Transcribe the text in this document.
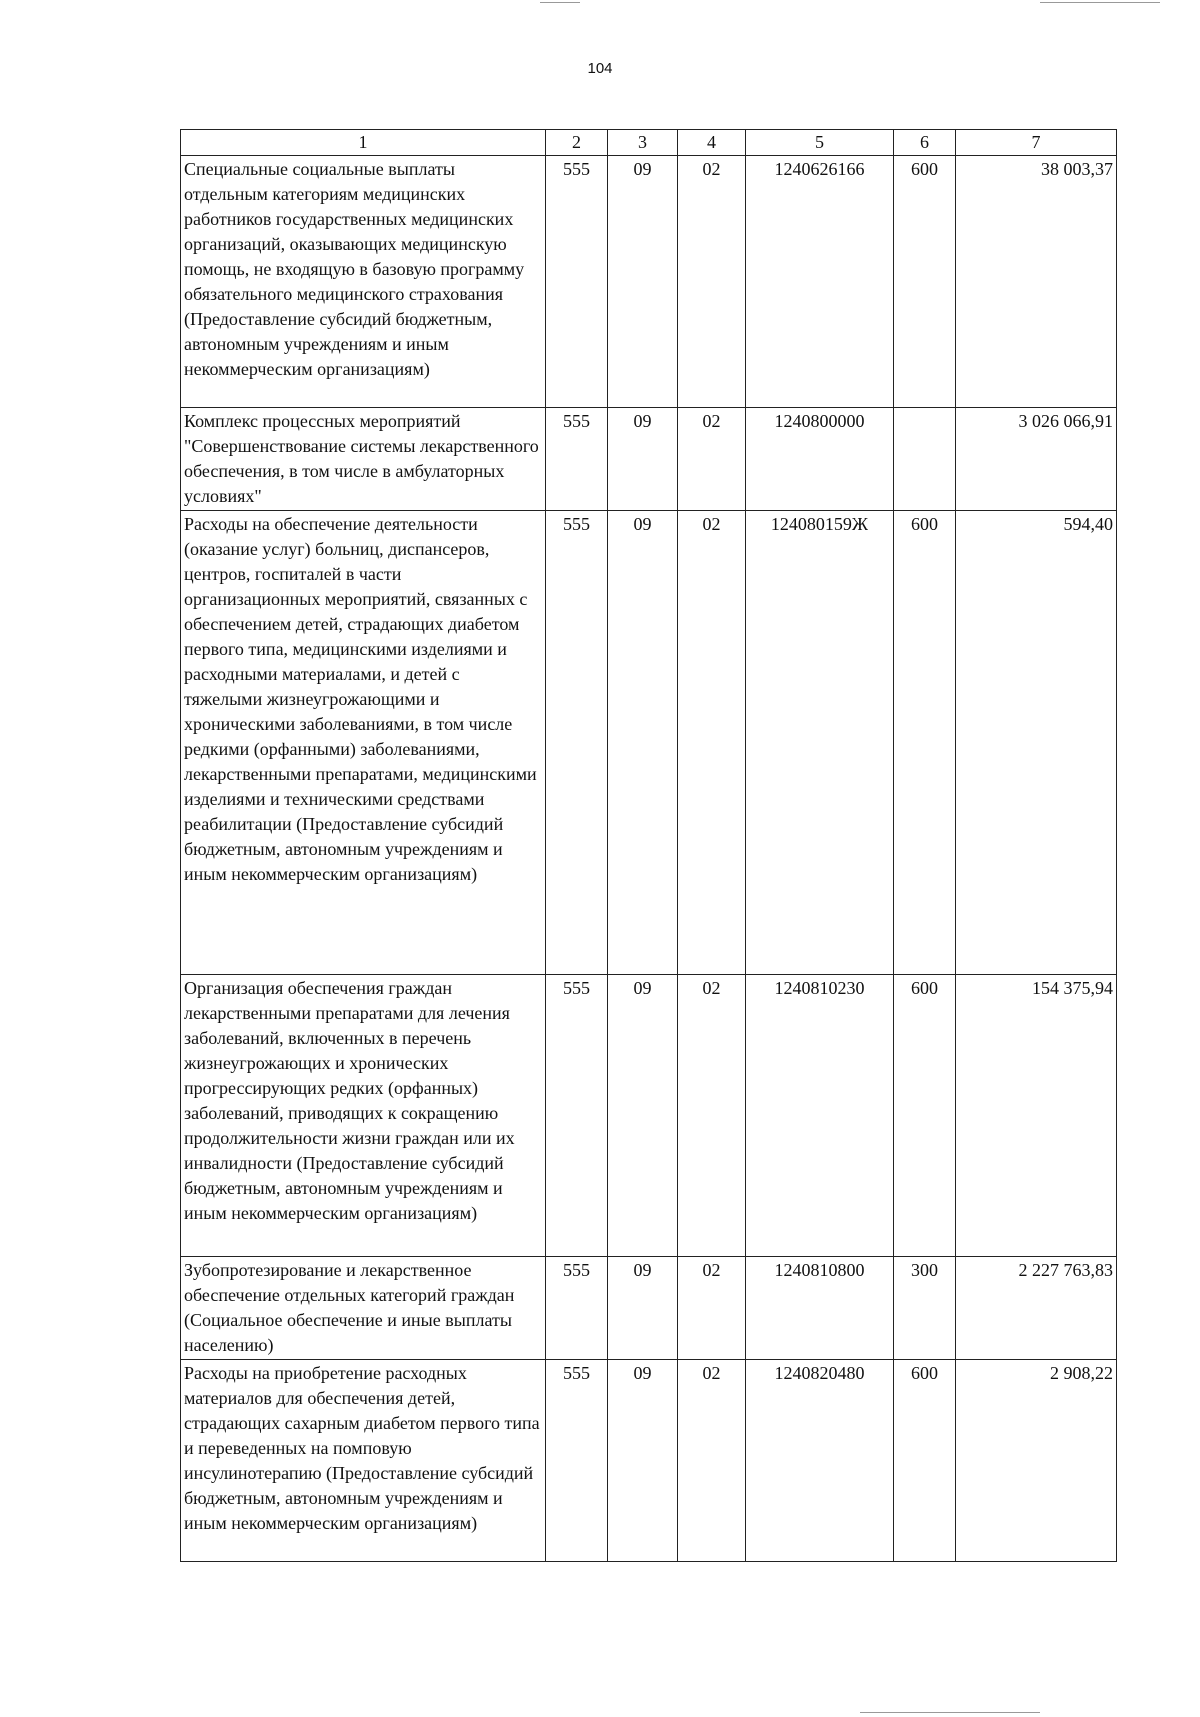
104
1	2	3	4	5	6	7
Специальные социальные выплаты отдельным категориям медицинских работников государственных медицинских организаций, оказывающих медицинскую помощь, не входящую в базовую программу обязательного медицинского страхования (Предоставление субсидий бюджетным, автономным учреждениям и иным некоммерческим организациям)	555	09	02	1240626166	600	38 003,37
Комплекс процессных мероприятий "Совершенствование системы лекарственного обеспечения, в том числе в амбулаторных условиях"	555	09	02	1240800000		3 026 066,91
Расходы на обеспечение деятельности (оказание услуг) больниц, диспансеров, центров, госпиталей в части организационных мероприятий, связанных с обеспечением детей, страдающих диабетом первого типа, медицинскими изделиями и расходными материалами, и детей с тяжелыми жизнеугрожающими и хроническими заболеваниями, в том числе редкими (орфанными) заболеваниями, лекарственными препаратами, медицинскими изделиями и техническими средствами реабилитации (Предоставление субсидий бюджетным, автономным учреждениям и иным некоммерческим организациям)	555	09	02	124080159Ж	600	594,40
Организация обеспечения граждан лекарственными препаратами для лечения заболеваний, включенных в перечень жизнеугрожающих и хронических прогрессирующих редких (орфанных) заболеваний, приводящих к сокращению продолжительности жизни граждан или их инвалидности (Предоставление субсидий бюджетным, автономным учреждениям и иным некоммерческим организациям)	555	09	02	1240810230	600	154 375,94
Зубопротезирование и лекарственное обеспечение отдельных категорий граждан (Социальное обеспечение и иные выплаты населению)	555	09	02	1240810800	300	2 227 763,83
Расходы на приобретение расходных материалов для обеспечения детей, страдающих сахарным диабетом первого типа и переведенных на помповую инсулинотерапию (Предоставление субсидий бюджетным, автономным учреждениям и иным некоммерческим организациям)	555	09	02	1240820480	600	2 908,22
